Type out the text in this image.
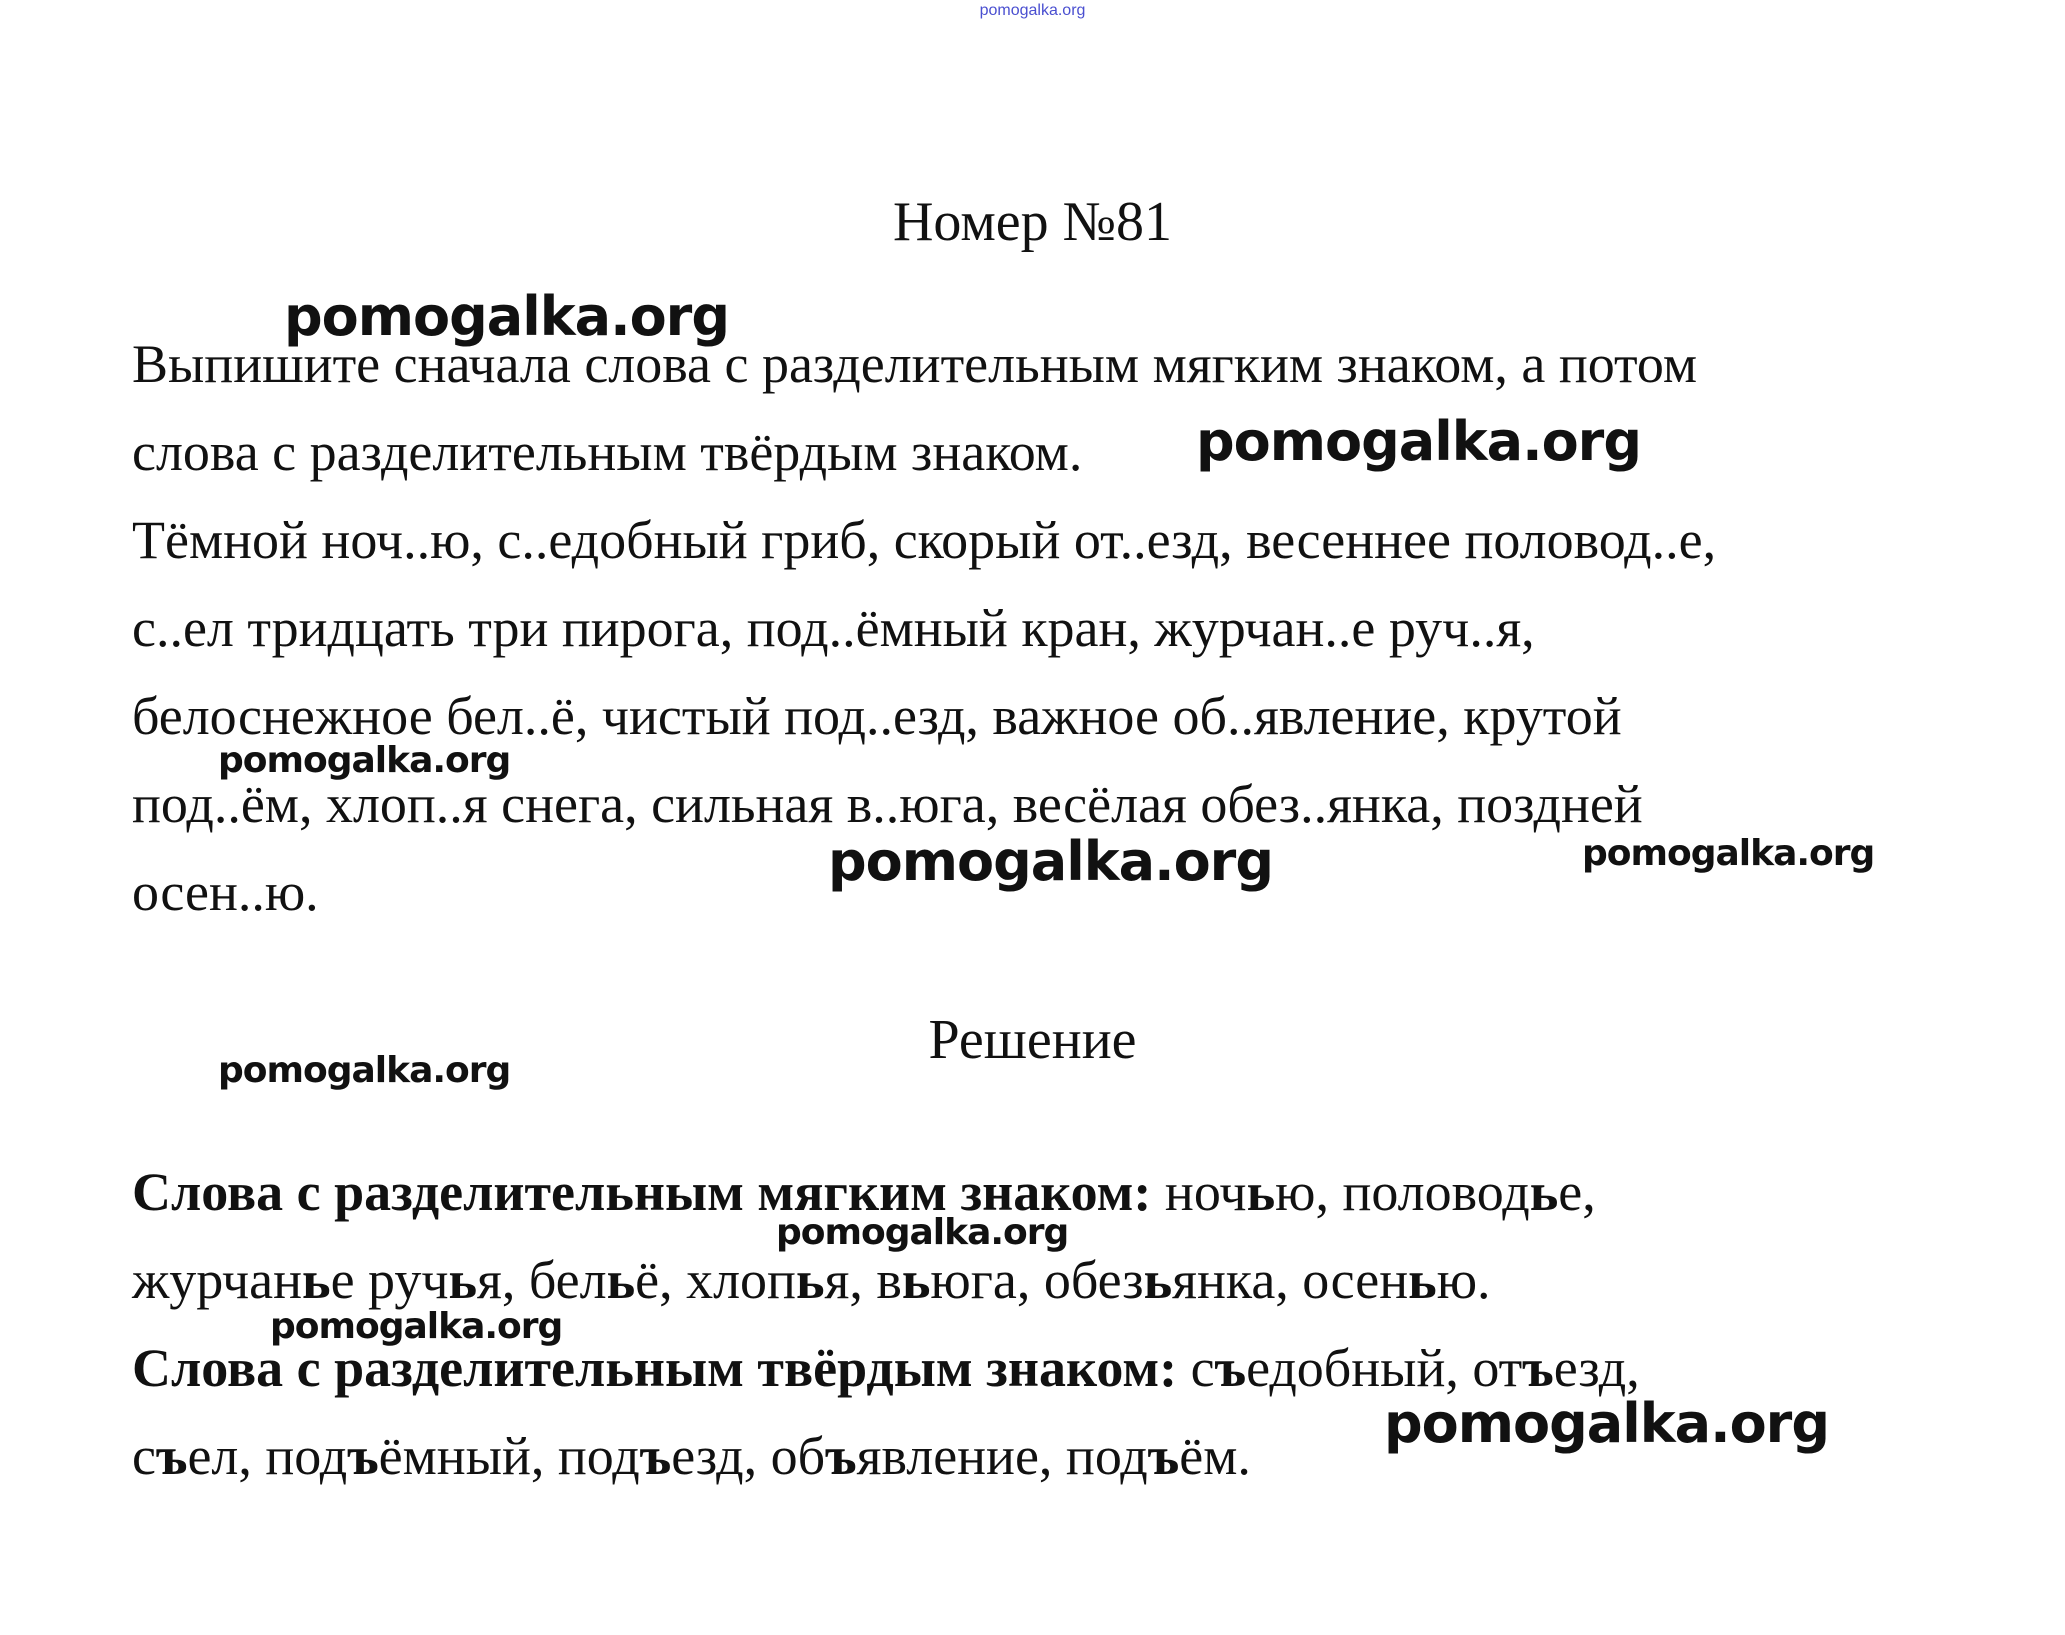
pomogalka.org
Номер №81
Выпишите сначала слова с разделительным мягким знаком, а потом
слова с разделительным твёрдым знаком.
Тёмной ноч..ю, с..едобный гриб, скорый от..езд, весеннее половод..е,
с..ел тридцать три пирога, под..ёмный кран, журчан..е руч..я,
белоснежное бел..ё, чистый под..езд, важное об..явление, крутой
под..ём, хлоп..я снега, сильная в..юга, весёлая обез..янка, поздней
осен..ю.
Решение
Слова с разделительным мягким знаком: ночью, половодье,
журчанье ручья, бельё, хлопья, вьюга, обезьянка, осенью.
Слова с разделительным твёрдым знаком: съедобный, отъезд,
съел, подъёмный, подъезд, объявление, подъём.
pomogalka.org
pomogalka.org
pomogalka.org
pomogalka.org	pomogalka.org
pomogalka.org
pomogalka.org
pomogalka.org
pomogalka.org
